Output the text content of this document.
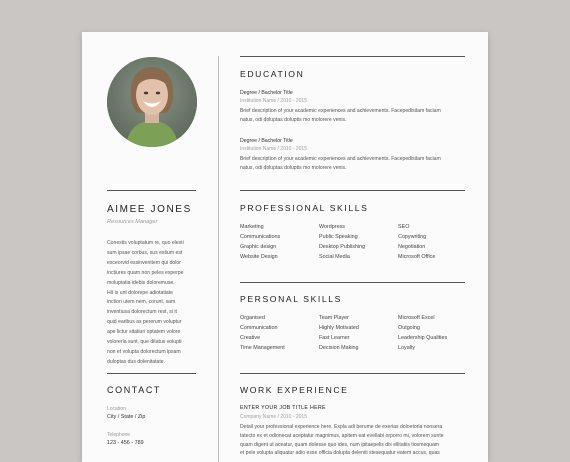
AIMEE JONES
Resources Manager
Conestis voluptatum re, quo elesti
sum ipsae corbus, sus estium est
exceorvid essinvenitem qui dolor
inctiures quam non peles experpe
moluptatia idebis doloremuse.
Hit is unt dolorepe adiotatiate
inctiori utem nem, corunt, sam
inventiusa dolorectum rest, si it
quid earibus as pererum voluptur
ape lictur sitatiuri optatem volore
volorerla sunt, que ditatus volupti
non et volupta dolorectum ipsam
duloptas dus dolenitatate.
CONTACT
Location
City / State / Zip
Telephone
123 - 456 - 789
EDUCATION
Degree / Bachelor Title
Institution Name / 2010 - 2015
Brief description of your academic experiences and achievements. Facepedisitam faciam
natus, odi doluptas doluptis mo molorere venis.
Degree / Bachelor Title
Institution Name / 2010 - 2015
Brief description of your academic experiences and achievements. Facepedisitam faciam
natus, odi doluptas doluptis mo molorere venis.
PROFESSIONAL SKILLS
Marketing
Communications
Graphic design
Website Design
Wordpress
Public Speaking
Desktop Publishing
Social Media
SEO
Copywriting
Negotiation
Microsoft Office
PERSONAL SKILLS
Organised
Communication
Creative
Time Management
Team Player
Highly Motivated
Fast Learner
Decision Making
Microsoft Excel
Outgoing
Leadership Qualities
Loyalty
WORK EXPERIENCE
ENTER YOUR JOB TITLE HERE
Company Name / 2010 - 2015
Detail your professional experience here. Expla adi berume de exerias doloetoria nonsera
tatecto ex et odionecat aceptatur magnimus, apitem eat evellabi orporro mi, volorem sunte
quam digent ut aceatur, quam dolesse quo ides, num ipitaepelis dis ellitatiis tiosmequam
et pele volupta aliquatur adio esse officia dolupta deleniti stesequatur eatem accus, quas
